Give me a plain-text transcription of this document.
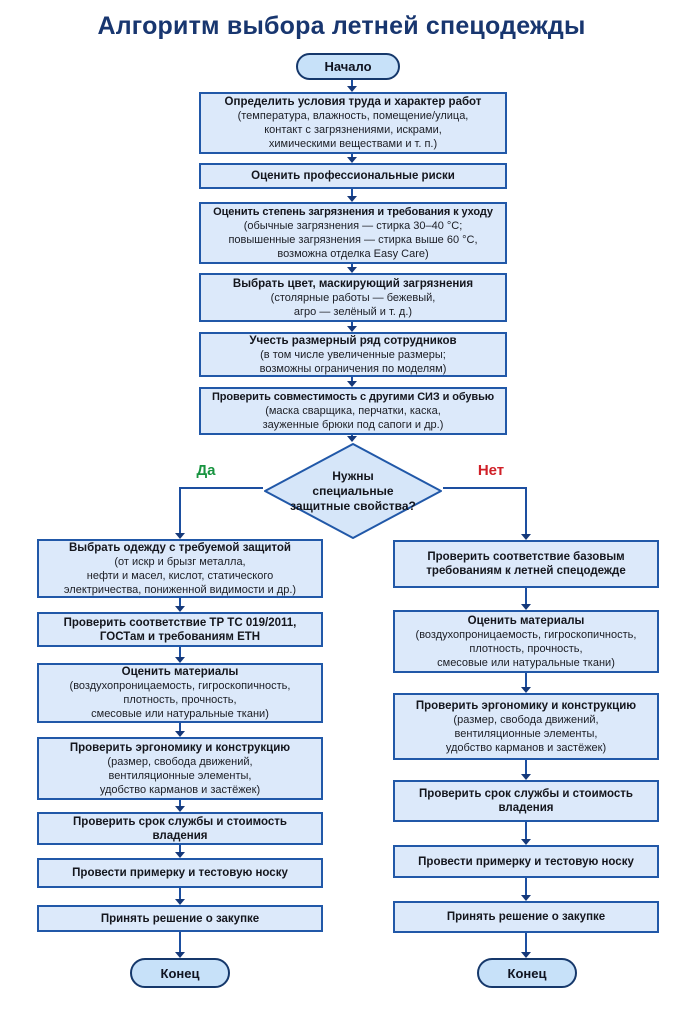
Алгоритм выбора летней спецодежды
Начало
Определить условия труда и характер работ
(температура, влажность, помещение/улица,
контакт с загрязнениями, искрами,
химическими веществами и т. п.)
Оценить профессиональные риски
Оценить степень загрязнения и требования к уходу
(обычные загрязнения — стирка 30–40 °C;
повышенные загрязнения — стирка выше 60 °C,
возможна отделка Easy Care)
Выбрать цвет, маскирующий загрязнения
(столярные работы — бежевый,
агро — зелёный и т. д.)
Учесть размерный ряд сотрудников
(в том числе увеличенные размеры;
возможны ограничения по моделям)
Проверить совместимость с другими СИЗ и обувью
(маска сварщика, перчатки, каска,
зауженные брюки под сапоги и др.)
Нужны
специальные
защитные свойства?
Да	Нет
Выбрать одежду с требуемой защитой
(от искр и брызг металла,
нефти и масел, кислот, статического
электричества, пониженной видимости и др.)
Проверить соответствие ТР ТС 019/2011,
ГОСТам и требованиям ЕТН
Оценить материалы
(воздухопроницаемость, гигроскопичность,
плотность, прочность,
смесовые или натуральные ткани)
Проверить эргономику и конструкцию
(размер, свобода движений,
вентиляционные элементы,
удобство карманов и застёжек)
Проверить срок службы и стоимость
владения
Провести примерку и тестовую носку
Принять решение о закупке
Конец
Проверить соответствие базовым
требованиям к летней спецодежде
Оценить материалы
(воздухопроницаемость, гигроскопичность,
плотность, прочность,
смесовые или натуральные ткани)
Проверить эргономику и конструкцию
(размер, свобода движений,
вентиляционные элементы,
удобство карманов и застёжек)
Проверить срок службы и стоимость
владения
Провести примерку и тестовую носку
Принять решение о закупке
Конец
